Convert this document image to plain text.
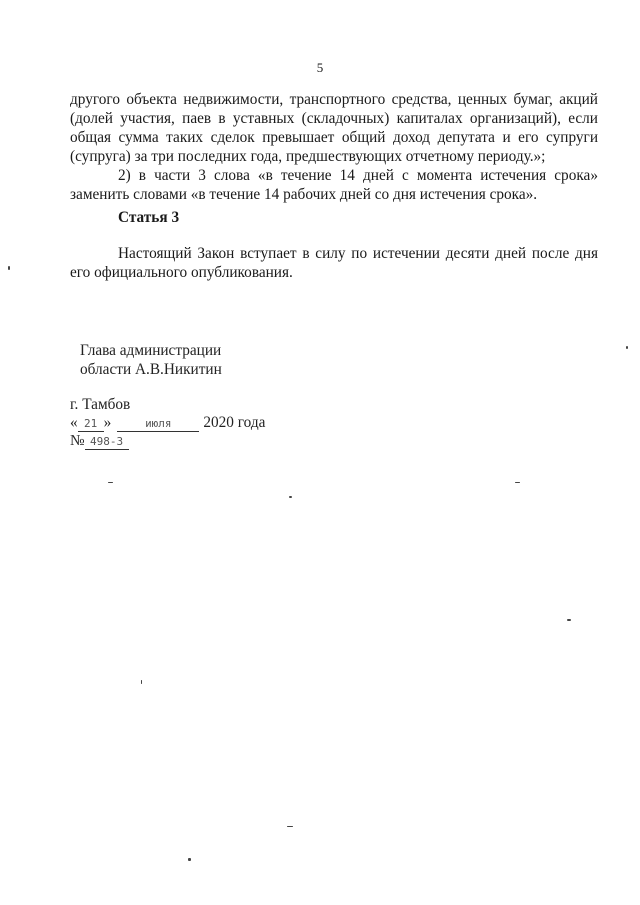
5

другого объекта недвижимости, транспортного средства, ценных бумаг, акций (долей участия, паев в уставных (складочных) капиталах организаций), если общая сумма таких сделок превышает общий доход депутата и его супруги (супруга) за три последних года, предшествующих отчетному периоду.»;

2) в части 3 слова «в течение 14 дней с момента истечения срока» заменить словами «в течение 14 рабочих дней со дня истечения срока».

Статья 3
Настоящий Закон вступает в силу по истечении десяти дней после дня его официального опубликования.
Глава администрации
области А.В.Никитин
г. Тамбов
« 21 »	июля	2020 года
№ 498-З
